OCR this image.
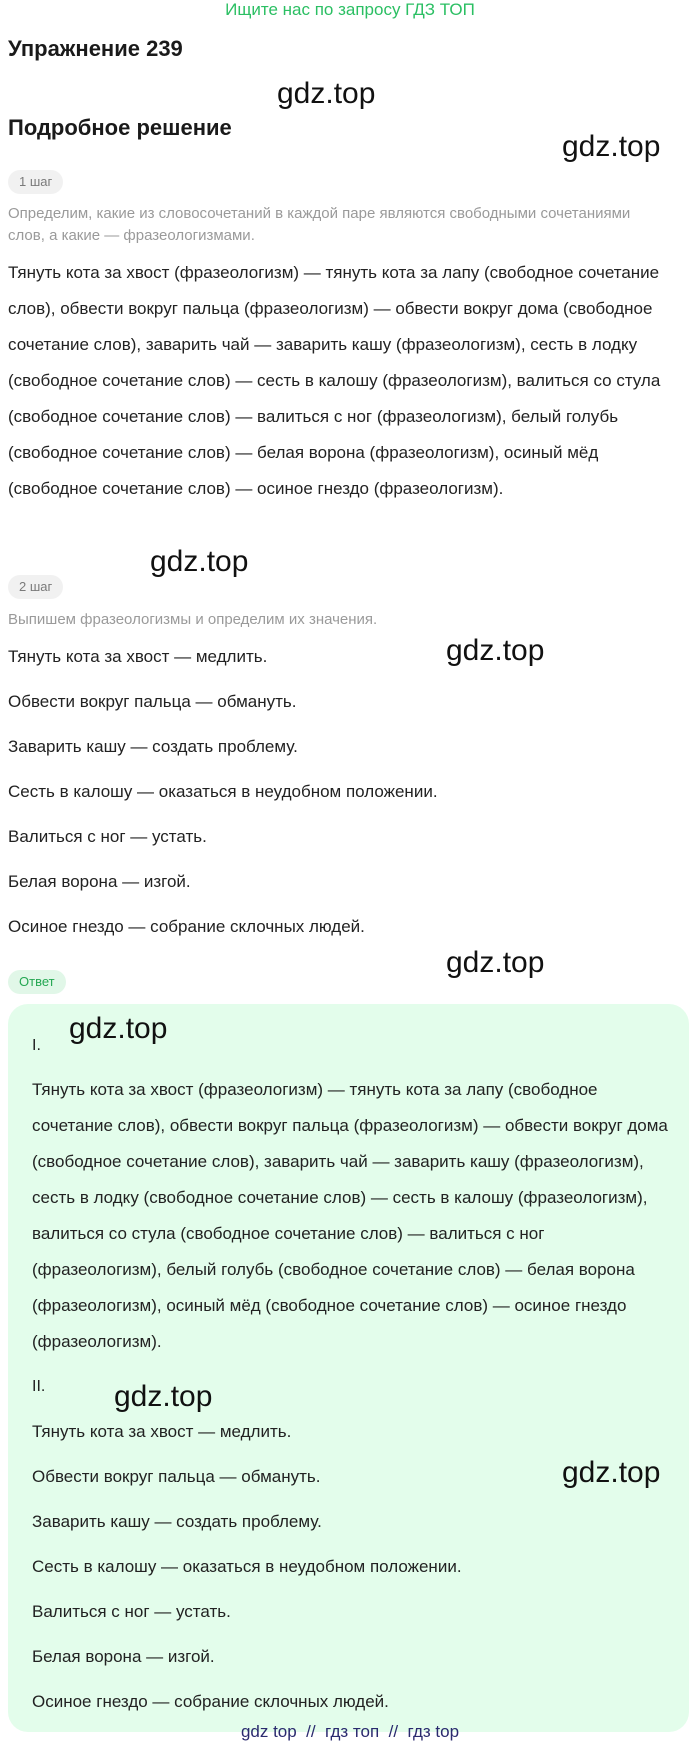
Ищите нас по запросу ГДЗ ТОП
Упражнение 239
Подробное решение
1 шаг
Определим, какие из словосочетаний в каждой паре являются свободными сочетаниями слов, а какие — фразеологизмами.
Тянуть кота за хвост (фразеологизм) — тянуть кота за лапу (свободное сочетание слов), обвести вокруг пальца (фразеологизм) — обвести вокруг дома (свободное сочетание слов), заварить чай — заварить кашу (фразеологизм), сесть в лодку (свободное сочетание слов) — сесть в калошу (фразеологизм), валиться со стула (свободное сочетание слов) — валиться с ног (фразеологизм), белый голубь (свободное сочетание слов) — белая ворона (фразеологизм), осиный мёд (свободное сочетание слов) — осиное гнездо (фразеологизм).
2 шаг
Выпишем фразеологизмы и определим их значения.
Тянуть кота за хвост — медлить.
Обвести вокруг пальца — обмануть.
Заварить кашу — создать проблему.
Сесть в калошу — оказаться в неудобном положении.
Валиться с ног — устать.
Белая ворона — изгой.
Осиное гнездо — собрание склочных людей.
Ответ
I.
Тянуть кота за хвост (фразеологизм) — тянуть кота за лапу (свободное сочетание слов), обвести вокруг пальца (фразеологизм) — обвести вокруг дома (свободное сочетание слов), заварить чай — заварить кашу (фразеологизм), сесть в лодку (свободное сочетание слов) — сесть в калошу (фразеологизм), валиться со стула (свободное сочетание слов) — валиться с ног (фразеологизм), белый голубь (свободное сочетание слов) — белая ворона (фразеологизм), осиный мёд (свободное сочетание слов) — осиное гнездо (фразеологизм).
II.
Тянуть кота за хвост — медлить.
Обвести вокруг пальца — обмануть.
Заварить кашу — создать проблему.
Сесть в калошу — оказаться в неудобном положении.
Валиться с ног — устать.
Белая ворона — изгой.
Осиное гнездо — собрание склочных людей.
gdz.top
gdz.top
gdz.top
gdz.top
gdz.top
gdz.top
gdz.top
gdz.top
gdz top  //  гдз топ  //  гдз top
